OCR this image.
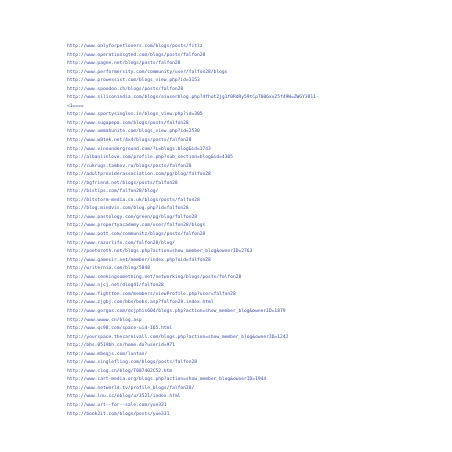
http://www.onlyforpetlovers.com/blogs/posts/fitlz
http://www.operationsgted.com/blogs/posts/falfon28
http://www.pagne.net/blogs/posts/falfon28
http://www.performersity.com/community/user/falfon28/blogs
http://www.prowessist.com/blogs_view.php?id=3153
http://www.spoodoo.ch/blogs/posts/falfon28
http://www.siliconindia.com/blogs/aiuserblog.php?4fhot2jg1f0RdRy59tCp7606xx25f49W=ZWGY3811-
<1====
http://www.sportysingles.in/blogs_view.php?id=305
http://www.sugapepa.com/blogs/posts/falfon28
http://www.ummahunite.com/blogs_view.php?id=2530
http://www.w8tek.net/4x4/blogs/posts/falfon28
http://www.vinounderground.com/?L=blogs.blog&id=1743
http://albaniinlove.com/profile.php?sub_section=blog&id=4305
http://cukrugs.tambov.ru/blogs/posts/falfon28
http://adultproviderassociation.com/pg/blog/falfon28
http://bgfriend.net/blogs/posts/falfon28
http://bistips.com/falfon28/blog/
http://bitstorm-media.co.uk/blogs/posts/falfon28
http://blog.mindvis.com/blog.php?id=falfon28
http://www.pastology.com/green/pg/blog/falfon28
http://www.propertyacademy.com/user/falfon28/blogs
http://www.pott.com/communitz/blogs/posts/falfon28
http://www.razorlife.com/falfon28/blog/
http://poeteroth.net/blogs.php?action=show_member_blog&ownerID=2763
http://www.gamesir.net/member/index.php?uid=falfon28
http://writernia.com/blog/5848
http://www.seekingsomething.net/networking/blogs/posts/falfon28
http://www.njcj.net/dlog41/falfon28
http://www.fightton.com/members/viewProfile.php?user=falfon28
http://www.zjgbj.com/bbs/bobs.asp?falfon28.index.html
http://www.gorgas.com/dcjphis604/blogs.php?action=show_member_blog&ownerID=1879
http://www.wwww.cn/blog.asp
http://www.qc98.com/space-uid-165.html
http://yourspace.thecarnivall.com/blogs.php?action=show_member_blog&ownerID=1242
http://bbs.0519bh.cn/home.do?userid=971
http://www.mbeqjs.com/luntan/
http://www.singlefling.com/blogs/posts/falfon28
http://www.clog.cn/blog/T007402C52.htm
http://www.cart-media.org/blogs.php?action=show_member_blog&ownerID=1944
http://www.networld.tv/profile_blogs/falfon28/
http://www.lnu.cc/oblog/u/3521/index.html
http://www.urt--for--sale.com/yue331
http://book2it.com/blogs/posts/yue331
